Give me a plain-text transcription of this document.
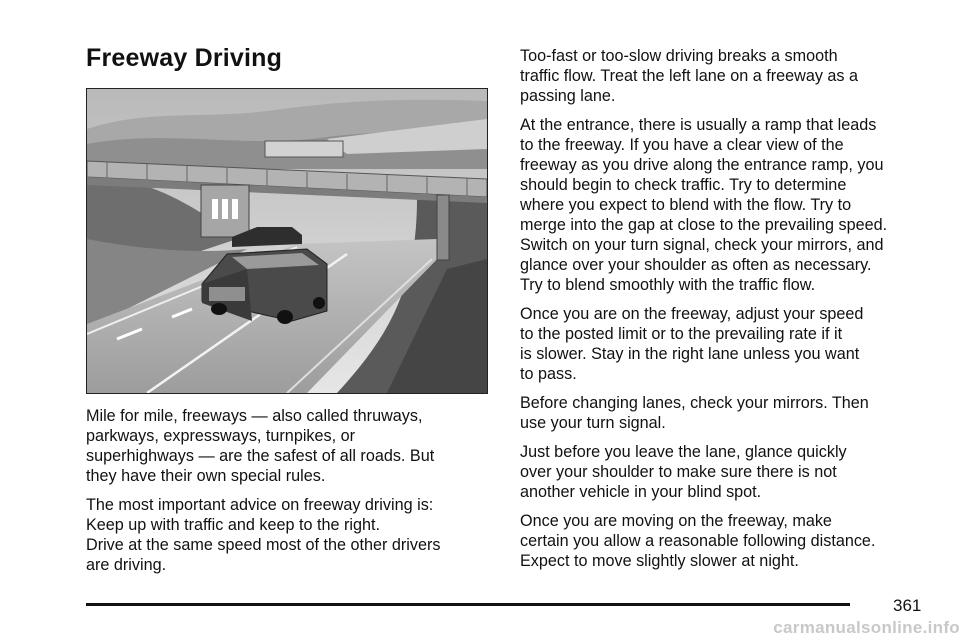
Freeway Driving

Mile for mile, freeways — also called thruways,
parkways, expressways, turnpikes, or
superhighways — are the safest of all roads. But
they have their own special rules.

The most important advice on freeway driving is:
Keep up with traffic and keep to the right.
Drive at the same speed most of the other drivers
are driving.

Too-fast or too-slow driving breaks a smooth
traffic flow. Treat the left lane on a freeway as a
passing lane.

At the entrance, there is usually a ramp that leads
to the freeway. If you have a clear view of the
freeway as you drive along the entrance ramp, you
should begin to check traffic. Try to determine
where you expect to blend with the flow. Try to
merge into the gap at close to the prevailing speed.
Switch on your turn signal, check your mirrors, and
glance over your shoulder as often as necessary.
Try to blend smoothly with the traffic flow.

Once you are on the freeway, adjust your speed
to the posted limit or to the prevailing rate if it
is slower. Stay in the right lane unless you want
to pass.

Before changing lanes, check your mirrors. Then
use your turn signal.

Just before you leave the lane, glance quickly
over your shoulder to make sure there is not
another vehicle in your blind spot.

Once you are moving on the freeway, make
certain you allow a reasonable following distance.
Expect to move slightly slower at night.

361
carmanualsonline.info
